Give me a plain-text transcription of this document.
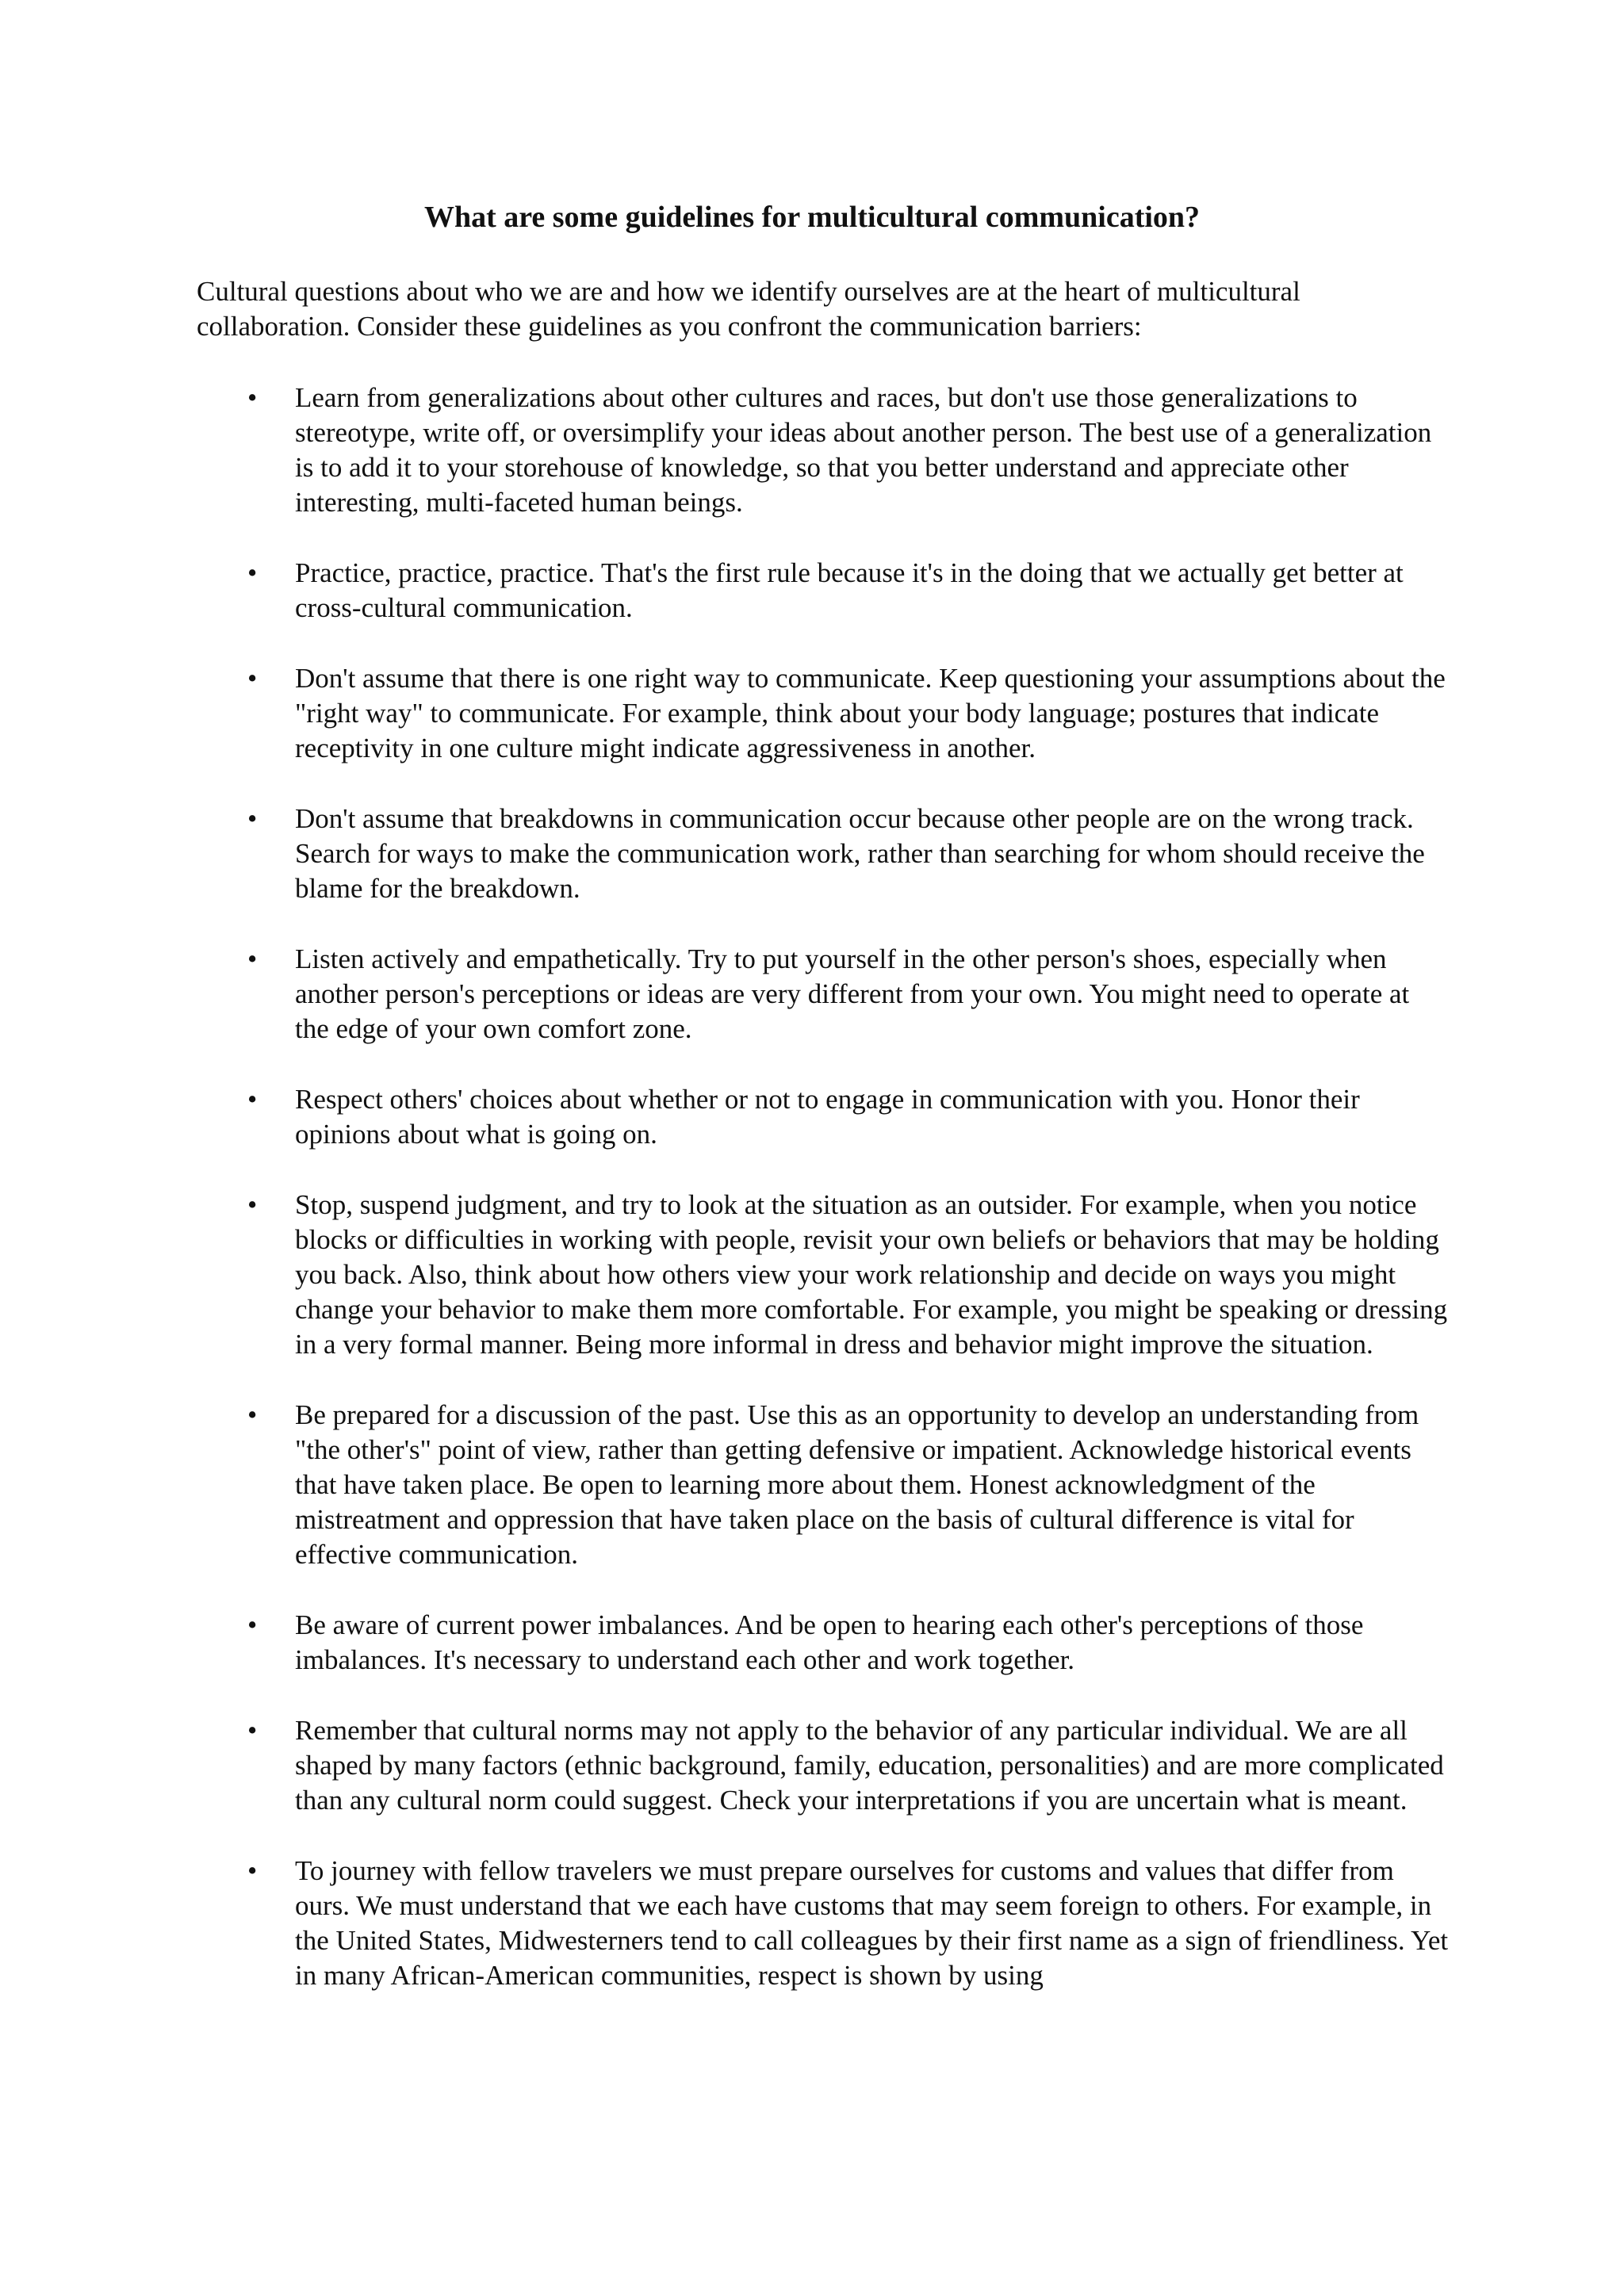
What are some guidelines for multicultural communication?

Cultural questions about who we are and how we identify ourselves are at the heart of multicultural collaboration. Consider these guidelines as you confront the communication barriers:

•	Learn from generalizations about other cultures and races, but don't use those generalizations to stereotype, write off, or oversimplify your ideas about another person. The best use of a generalization is to add it to your storehouse of knowledge, so that you better understand and appreciate other interesting, multi-faceted human beings.
•	Practice, practice, practice. That's the first rule because it's in the doing that we actually get better at cross-cultural communication.
•	Don't assume that there is one right way to communicate. Keep questioning your assumptions about the "right way" to communicate. For example, think about your body language; postures that indicate receptivity in one culture might indicate aggressiveness in another.
•	Don't assume that breakdowns in communication occur because other people are on the wrong track. Search for ways to make the communication work, rather than searching for whom should receive the blame for the breakdown.
•	Listen actively and empathetically. Try to put yourself in the other person's shoes, especially when another person's perceptions or ideas are very different from your own. You might need to operate at the edge of your own comfort zone.
•	Respect others' choices about whether or not to engage in communication with you. Honor their opinions about what is going on.
•	Stop, suspend judgment, and try to look at the situation as an outsider. For example, when you notice blocks or difficulties in working with people, revisit your own beliefs or behaviors that may be holding you back. Also, think about how others view your work relationship and decide on ways you might change your behavior to make them more comfortable. For example, you might be speaking or dressing in a very formal manner. Being more informal in dress and behavior might improve the situation.
•	Be prepared for a discussion of the past. Use this as an opportunity to develop an understanding from "the other's" point of view, rather than getting defensive or impatient. Acknowledge historical events that have taken place. Be open to learning more about them. Honest acknowledgment of the mistreatment and oppression that have taken place on the basis of cultural difference is vital for effective communication.
•	Be aware of current power imbalances. And be open to hearing each other's perceptions of those imbalances. It's necessary to understand each other and work together.
•	Remember that cultural norms may not apply to the behavior of any particular individual. We are all shaped by many factors (ethnic background, family, education, personalities) and are more complicated than any cultural norm could suggest. Check your interpretations if you are uncertain what is meant.
•	To journey with fellow travelers we must prepare ourselves for customs and values that differ from ours. We must understand that we each have customs that may seem foreign to others. For example, in the United States, Midwesterners tend to call colleagues by their first name as a sign of friendliness. Yet in many African-American communities, respect is shown by using
